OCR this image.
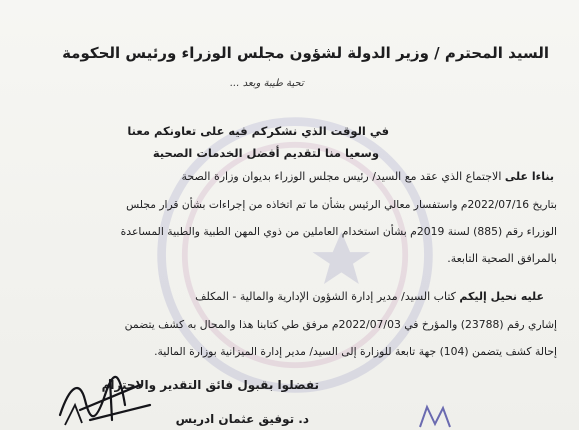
السيد المحترم / وزير الدولة لشؤون مجلس الوزراء ورئيس الحكومة
تحية طيبة وبعد ...
في الوقت الذي نشكركم فيه على تعاونكم معنا
وسعيا منا لتقديم أفضل الخدمات الصحية
بناءا على الاجتماع الذي عقد مع السيد/ رئيس مجلس الوزراء بديوان وزارة الصحة
بتاريخ 2022/07/16م واستفسار معالي الرئيس بشأن ما تم اتخاذه من إجراءات بشأن قرار مجلس
الوزراء رقم (885) لسنة 2019م بشأن استخدام العاملين من ذوي المهن الطبية والطبية المساعدة
بالمرافق الصحية التابعة.
عليه نحيل إليكم كتاب السيد/ مدير إدارة الشؤون الإدارية والمالية - المكلف
إشاري رقم (23788) والمؤرخ في 2022/07/03م مرفق طي كتابنا هذا والمحال به كشف يتضمن
إحالة كشف يتضمن (104) جهة تابعة للوزارة إلى السيد/ مدير إدارة الميزانية بوزارة المالية.
تفضلوا بقبول فائق التقدير والاحترام
د. توفيق عثمان ادريس
